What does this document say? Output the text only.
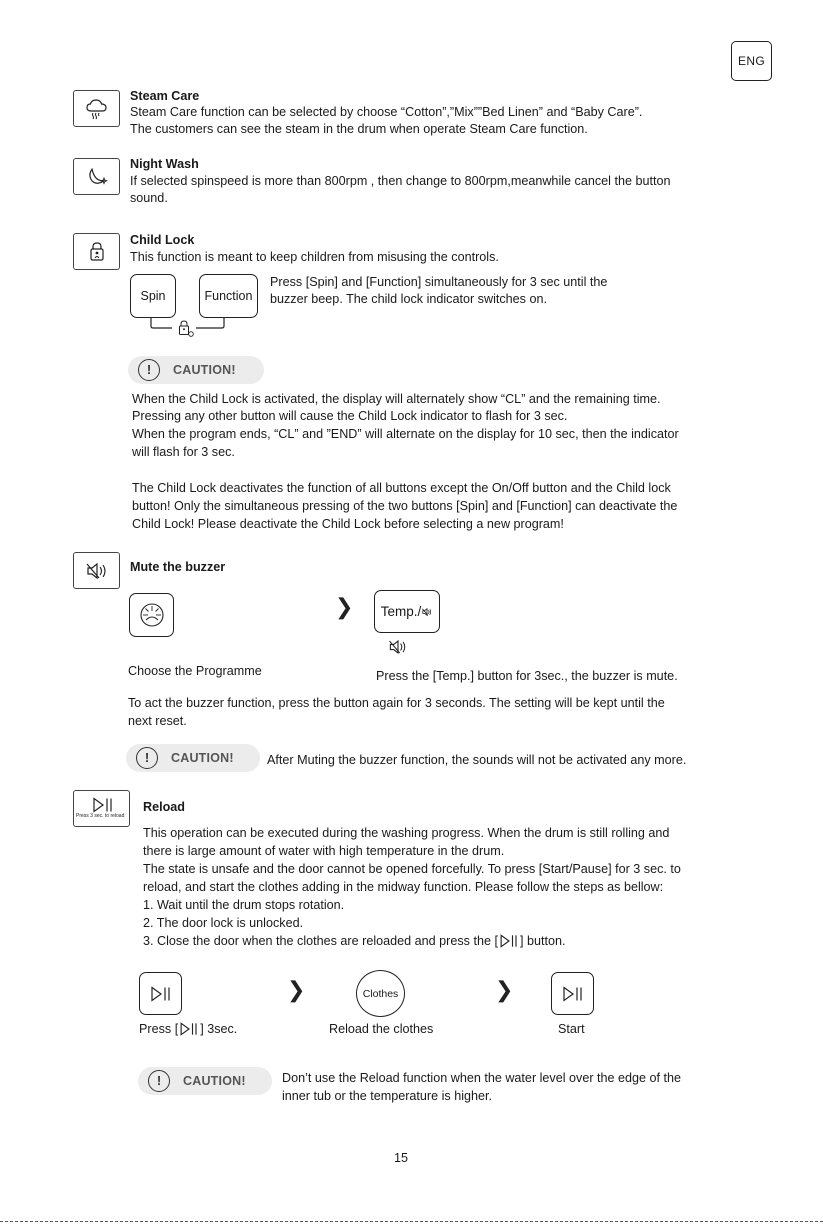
ENG
Steam Care
Steam Care function can be selected by choose “Cotton”,”Mix””Bed Linen” and “Baby Care”.
The customers can see the steam in the drum when operate Steam Care function.
Night Wash
If selected spinspeed is more than 800rpm , then change to 800rpm,meanwhile cancel the button
sound.
Child Lock
This function is meant to keep children from misusing the controls.
Spin	Function
Press [Spin] and [Function] simultaneously for 3 sec until the
buzzer beep. The child lock indicator switches on.
!	CAUTION!
When the Child Lock is activated, the display will alternately show “CL” and the remaining time.
Pressing any other button will cause the Child Lock indicator to flash for 3 sec.
When the program ends, “CL” and ”END” will alternate on the display for 10 sec, then the indicator
will flash for 3 sec.
The Child Lock deactivates the function of all buttons except the On/Off button and the Child lock
button! Only the simultaneous pressing of the two buttons [Spin] and [Function] can deactivate the
Child Lock! Please deactivate the Child Lock before selecting a new program!
Mute the buzzer
❯ Temp./
Choose the Programme	Press the [Temp.] button for 3sec., the buzzer is mute.
To act the buzzer function, press the button again for 3 seconds. The setting will be kept until the
next reset.
!	CAUTION!	After Muting the buzzer function, the sounds will not be activated any more.
Press 3 sec. to reload
Reload
This operation can be executed during the washing progress. When the drum is still rolling and
there is large amount of water with high temperature in the drum.
The state is unsafe and the door cannot be opened forcefully. To press [Start/Pause] for 3 sec. to
reload, and start the clothes adding in the midway function. Please follow the steps as bellow:
1. Wait until the drum stops rotation.
2. The door lock is unlocked.
3. Close the door when the clothes are reloaded and press the [ ] button.
❯	Clothes	❯
Press [ ] 3sec.	Reload the clothes	Start
!	CAUTION!	Don’t use the Reload function when the water level over the edge of the
inner tub or the temperature is higher.
15
